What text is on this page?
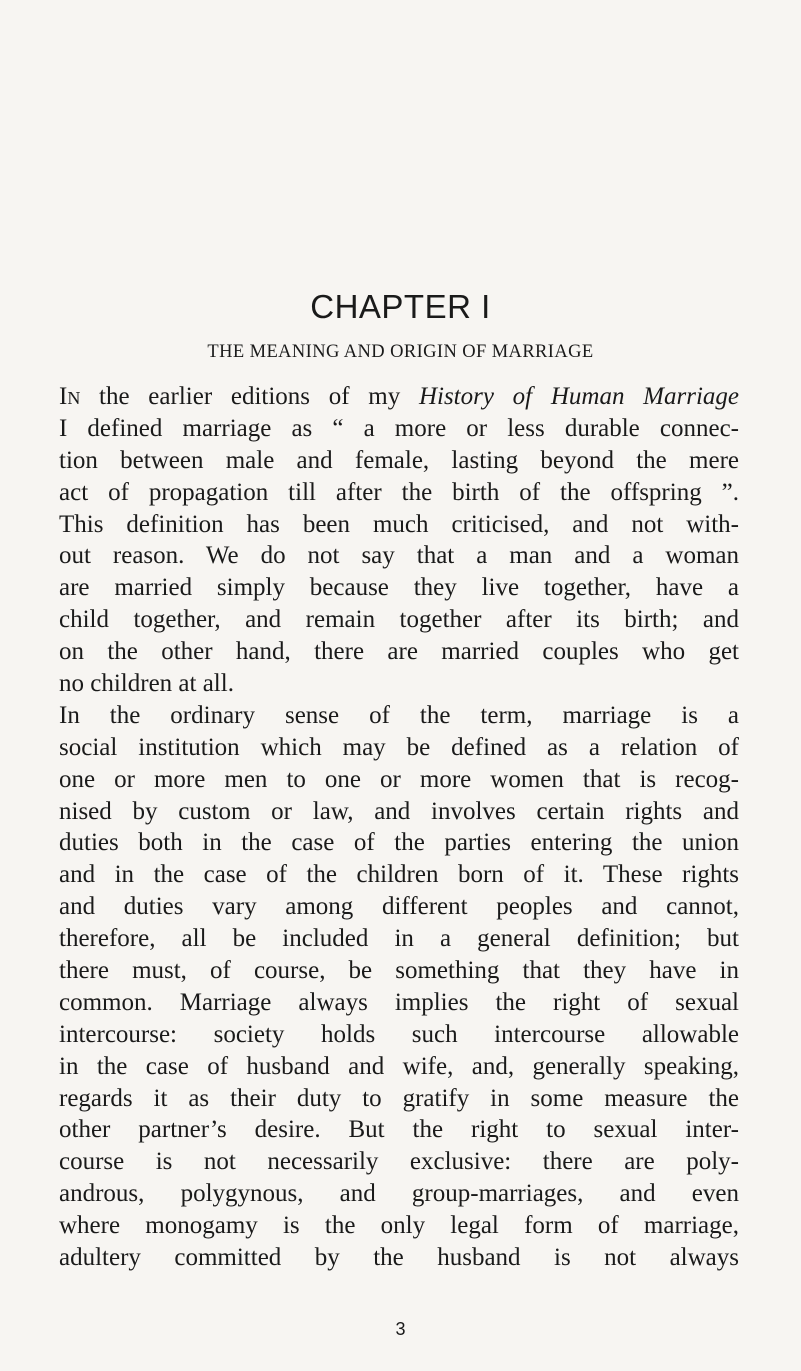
CHAPTER I
THE MEANING AND ORIGIN OF MARRIAGE
In the earlier editions of my History of Human Marriage
I defined marriage as “ a more or less durable connec-
tion between male and female, lasting beyond the mere
act of propagation till after the birth of the offspring ”.
This definition has been much criticised, and not with-
out reason. We do not say that a man and a woman
are married simply because they live together, have a
child together, and remain together after its birth; and
on the other hand, there are married couples who get
no children at all.
In the ordinary sense of the term, marriage is a
social institution which may be defined as a relation of
one or more men to one or more women that is recog-
nised by custom or law, and involves certain rights and
duties both in the case of the parties entering the union
and in the case of the children born of it. These rights
and duties vary among different peoples and cannot,
therefore, all be included in a general definition; but
there must, of course, be something that they have in
common. Marriage always implies the right of sexual
intercourse: society holds such intercourse allowable
in the case of husband and wife, and, generally speaking,
regards it as their duty to gratify in some measure the
other partner’s desire. But the right to sexual inter-
course is not necessarily exclusive: there are poly-
androus, polygynous, and group-marriages, and even
where monogamy is the only legal form of marriage,
adultery committed by the husband is not always
3
